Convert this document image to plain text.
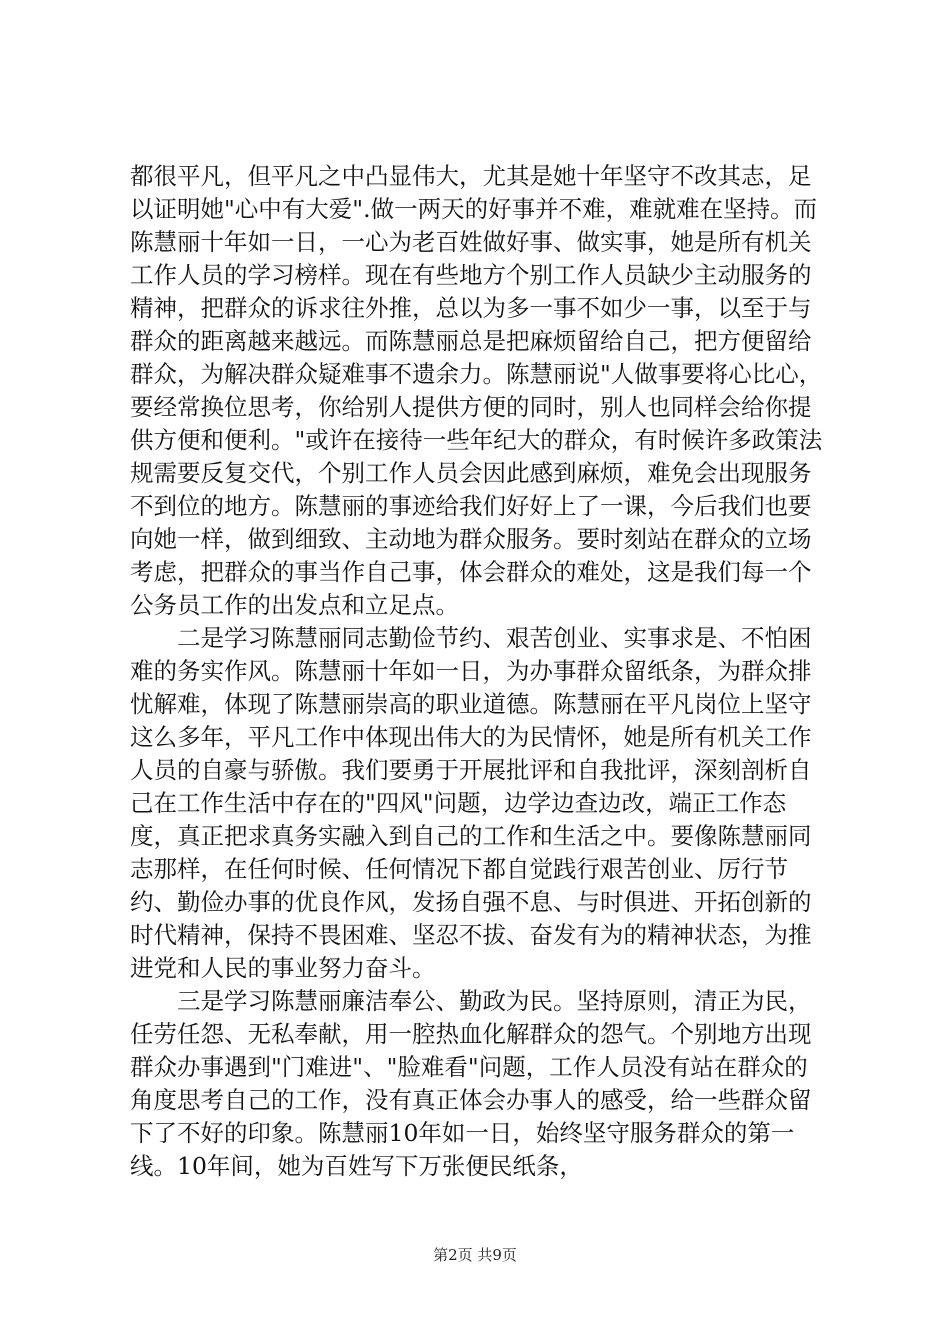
都很平凡，但平凡之中凸显伟大，尤其是她十年坚守不改其志，足以证明她"心中有大爱".做一两天的好事并不难，难就难在坚持。而陈慧丽十年如一日，一心为老百姓做好事、做实事，她是所有机关工作人员的学习榜样。现在有些地方个别工作人员缺少主动服务的精神，把群众的诉求往外推，总以为多一事不如少一事，以至于与群众的距离越来越远。而陈慧丽总是把麻烦留给自己，把方便留给群众，为解决群众疑难事不遗余力。陈慧丽说"人做事要将心比心，要经常换位思考，你给别人提供方便的同时，别人也同样会给你提供方便和便利。"或许在接待一些年纪大的群众，有时候许多政策法规需要反复交代，个别工作人员会因此感到麻烦，难免会出现服务不到位的地方。陈慧丽的事迹给我们好好上了一课，今后我们也要向她一样，做到细致、主动地为群众服务。要时刻站在群众的立场考虑，把群众的事当作自己事，体会群众的难处，这是我们每一个公务员工作的出发点和立足点。

二是学习陈慧丽同志勤俭节约、艰苦创业、实事求是、不怕困难的务实作风。陈慧丽十年如一日，为办事群众留纸条，为群众排忧解难，体现了陈慧丽崇高的职业道德。陈慧丽在平凡岗位上坚守这么多年，平凡工作中体现出伟大的为民情怀，她是所有机关工作人员的自豪与骄傲。我们要勇于开展批评和自我批评，深刻剖析自己在工作生活中存在的"四风"问题，边学边查边改，端正工作态度，真正把求真务实融入到自己的工作和生活之中。要像陈慧丽同志那样，在任何时候、任何情况下都自觉践行艰苦创业、厉行节约、勤俭办事的优良作风，发扬自强不息、与时俱进、开拓创新的时代精神，保持不畏困难、坚忍不拔、奋发有为的精神状态，为推进党和人民的事业努力奋斗。

三是学习陈慧丽廉洁奉公、勤政为民。坚持原则，清正为民，任劳任怨、无私奉献，用一腔热血化解群众的怨气。个别地方出现群众办事遇到"门难进"、"脸难看"问题，工作人员没有站在群众的角度思考自己的工作，没有真正体会办事人的感受，给一些群众留下了不好的印象。陈慧丽10年如一日，始终坚守服务群众的第一线。10年间，她为百姓写下万张便民纸条，

第2页 共9页
